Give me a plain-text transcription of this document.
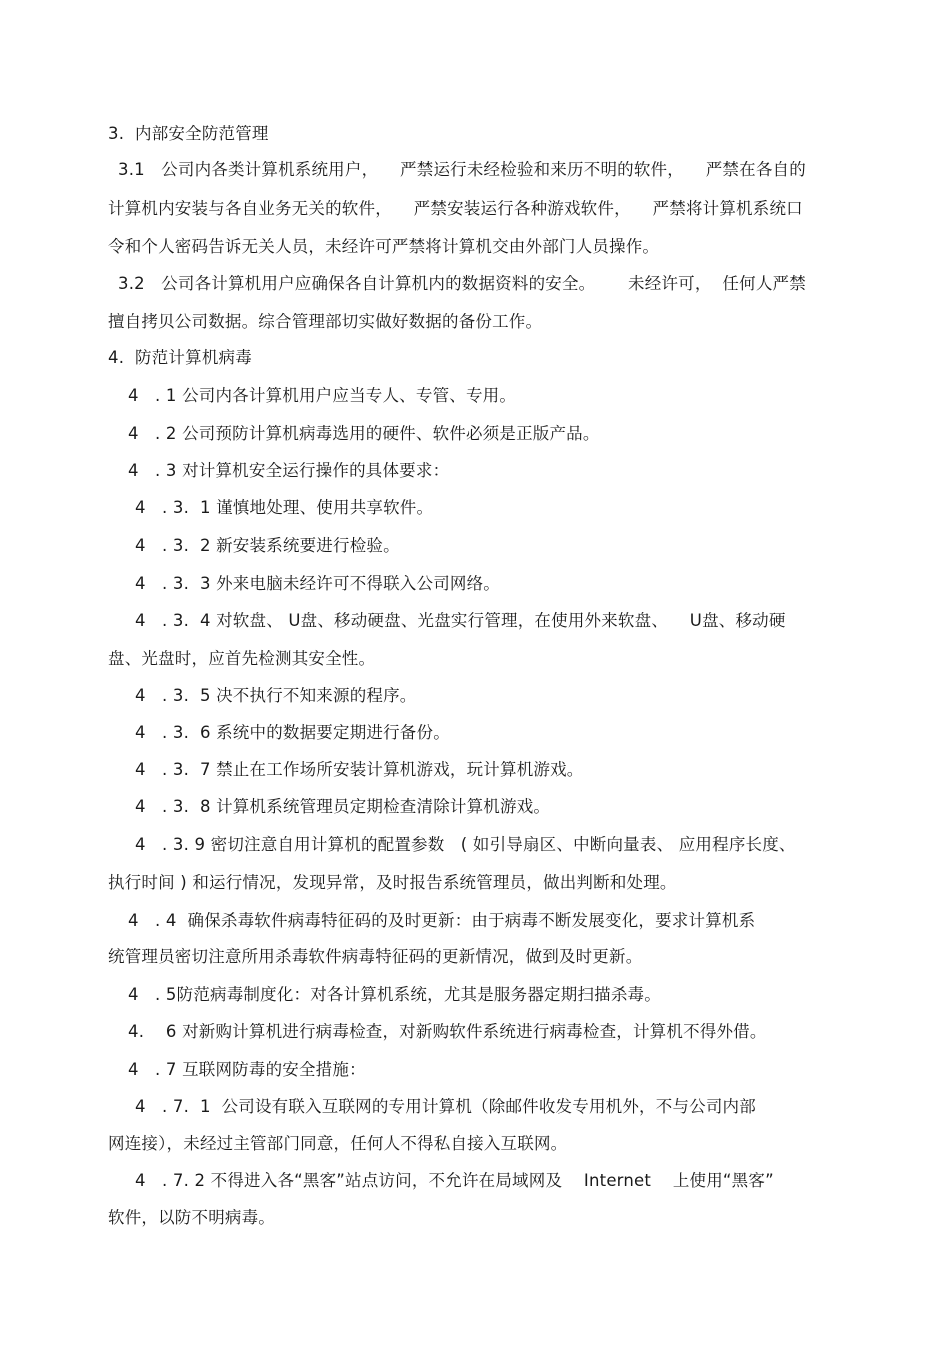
3.  内部安全防范管理
3.1   公司内各类计算机系统用户，    严禁运行未经检验和来历不明的软件，    严禁在各自的
计算机内安装与各自业务无关的软件，    严禁安装运行各种游戏软件，    严禁将计算机系统口
令和个人密码告诉无关人员，未经许可严禁将计算机交由外部门人员操作。
3.2   公司各计算机用户应确保各自计算机内的数据资料的安全。      未经许可，  任何人严禁
擅自拷贝公司数据。综合管理部切实做好数据的备份工作。
4.  防范计算机病毒
4   . 1 公司内各计算机用户应当专人、专管、专用。
4   . 2 公司预防计算机病毒选用的硬件、软件必须是正版产品。
4   . 3 对计算机安全运行操作的具体要求：
4   . 3.  1 谨慎地处理、使用共享软件。
4   . 3.  2 新安装系统要进行检验。
4   . 3.  3 外来电脑未经许可不得联入公司网络。
4   . 3.  4 对软盘、 U盘、移动硬盘、光盘实行管理，在使用外来软盘、    U盘、移动硬
盘、光盘时，应首先检测其安全性。
4   . 3.  5 决不执行不知来源的程序。
4   . 3.  6 系统中的数据要定期进行备份。
4   . 3.  7 禁止在工作场所安装计算机游戏，玩计算机游戏。
4   . 3.  8 计算机系统管理员定期检查清除计算机游戏。
4   . 3. 9 密切注意自用计算机的配置参数   ( 如引导扇区、中断向量表、 应用程序长度、
执行时间 ) 和运行情况，发现异常，及时报告系统管理员，做出判断和处理。
4   . 4  确保杀毒软件病毒特征码的及时更新：由于病毒不断发展变化，要求计算机系
统管理员密切注意所用杀毒软件病毒特征码的更新情况，做到及时更新。
4   . 5防范病毒制度化：对各计算机系统，尤其是服务器定期扫描杀毒。
4.    6 对新购计算机进行病毒检查，对新购软件系统进行病毒检查，计算机不得外借。
4   . 7 互联网防毒的安全措施：
4   . 7.  1  公司设有联入互联网的专用计算机（除邮件收发专用机外，不与公司内部
网连接），未经过主管部门同意，任何人不得私自接入互联网。
4   . 7. 2 不得进入各“黑客”站点访问，不允许在局域网及    Internet    上使用“黑客”
软件，以防不明病毒。
